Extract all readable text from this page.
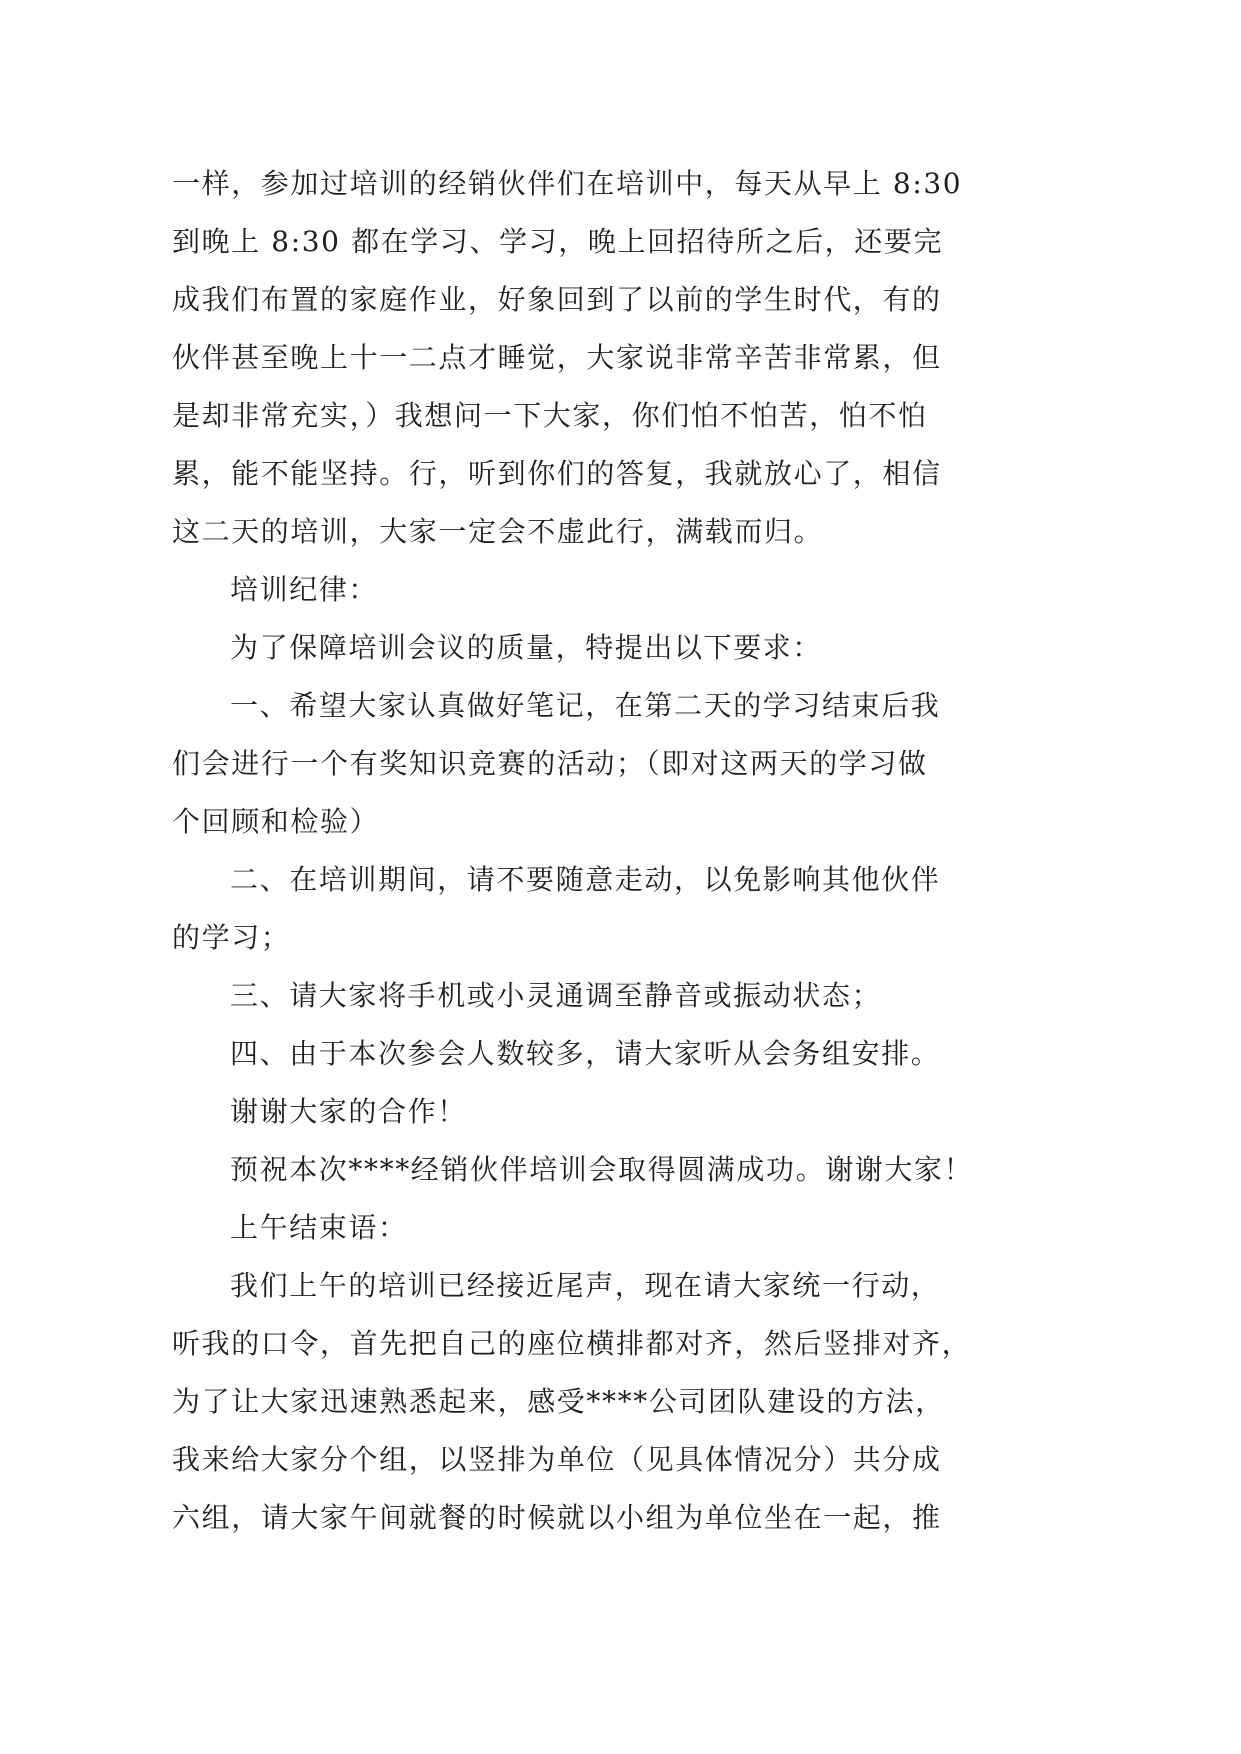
一样，参加过培训的经销伙伴们在培训中，每天从早上 8:30
到晚上 8:30 都在学习、学习，晚上回招待所之后，还要完
成我们布置的家庭作业，好象回到了以前的学生时代，有的
伙伴甚至晚上十一二点才睡觉，大家说非常辛苦非常累，但
是却非常充实，）我想问一下大家，你们怕不怕苦，怕不怕
累，能不能坚持。行，听到你们的答复，我就放心了，相信
这二天的培训，大家一定会不虚此行，满载而归。
培训纪律：
为了保障培训会议的质量，特提出以下要求：
一、希望大家认真做好笔记，在第二天的学习结束后我
们会进行一个有奖知识竞赛的活动；（即对这两天的学习做
个回顾和检验）
二、在培训期间，请不要随意走动，以免影响其他伙伴
的学习；
三、请大家将手机或小灵通调至静音或振动状态；
四、由于本次参会人数较多，请大家听从会务组安排。
谢谢大家的合作！
预祝本次****经销伙伴培训会取得圆满成功。谢谢大家！
上午结束语：
我们上午的培训已经接近尾声，现在请大家统一行动，
听我的口令，首先把自己的座位横排都对齐，然后竖排对齐，
为了让大家迅速熟悉起来，感受****公司团队建设的方法，
我来给大家分个组，以竖排为单位（见具体情况分）共分成
六组，请大家午间就餐的时候就以小组为单位坐在一起，推
